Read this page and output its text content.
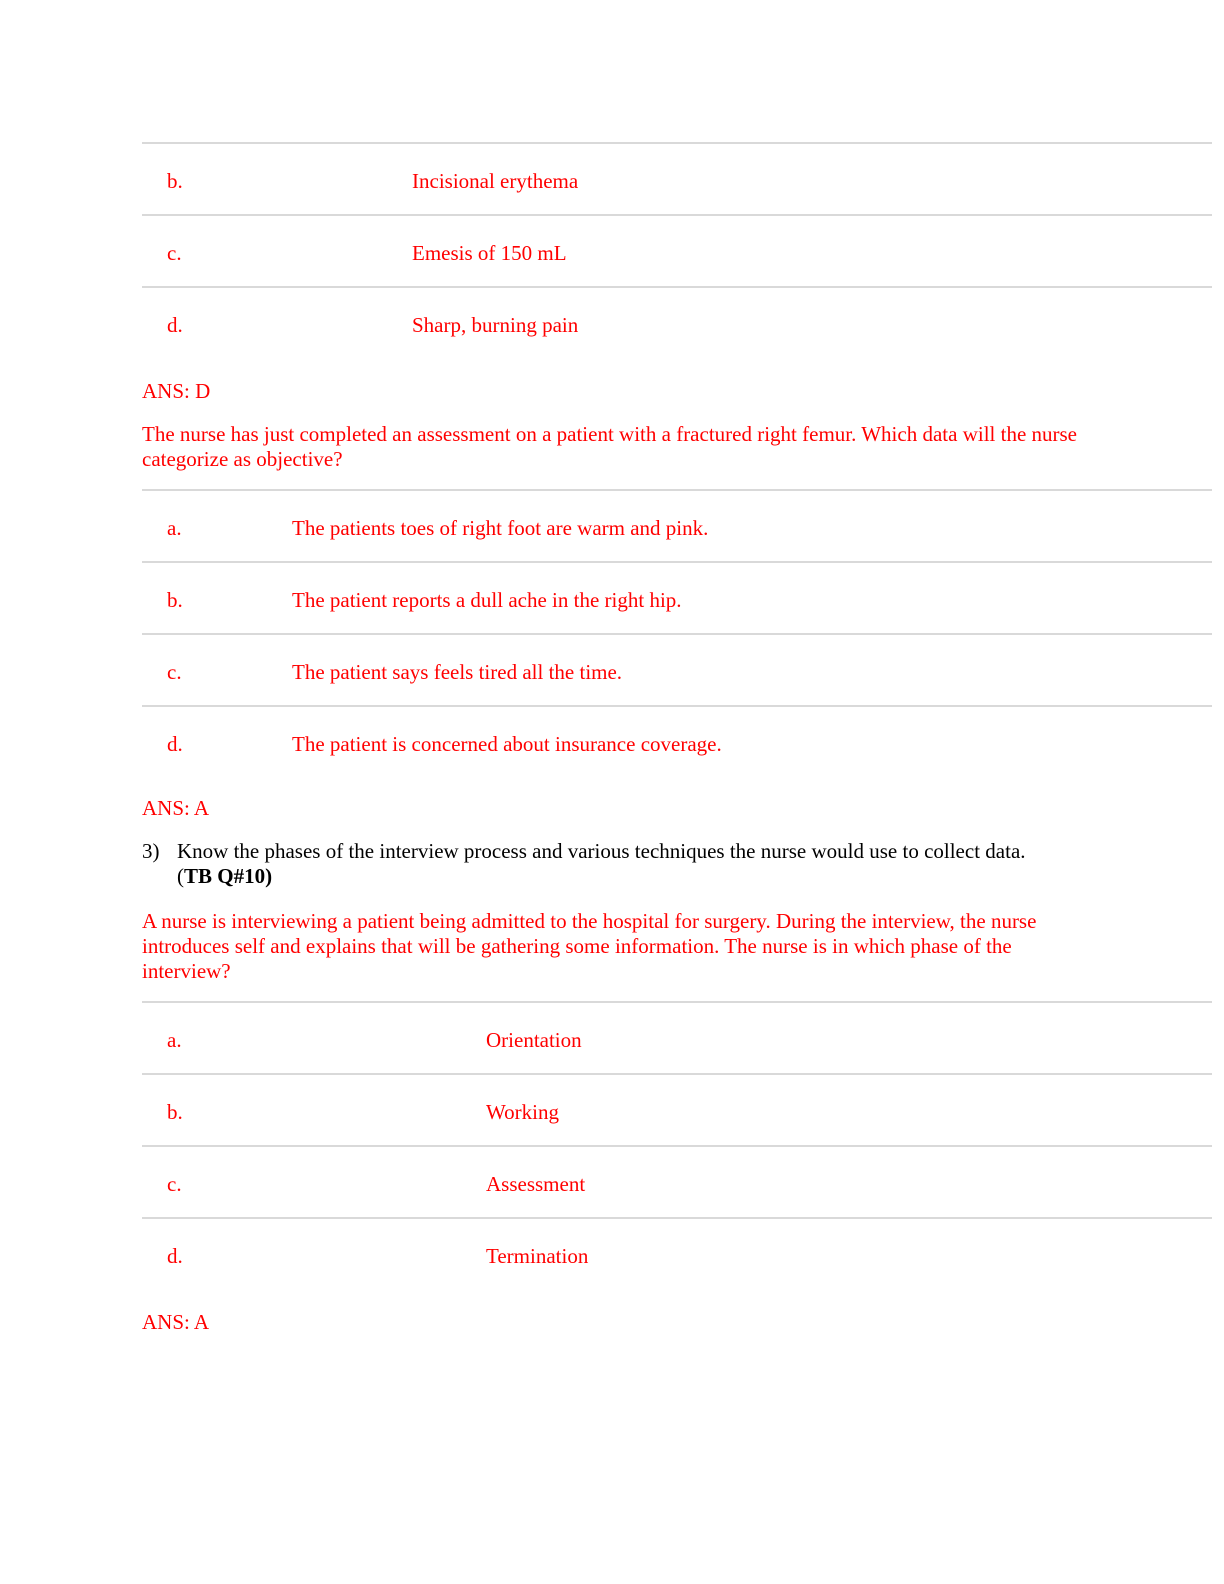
b.	Incisional erythema
c.	Emesis of 150 mL
d.	Sharp, burning pain

ANS: D

The nurse has just completed an assessment on a patient with a fractured right femur. Which data will the nurse categorize as objective?

a.	The patients toes of right foot are warm and pink.
b.	The patient reports a dull ache in the right hip.
c.	The patient says feels tired all the time.
d.	The patient is concerned about insurance coverage.

ANS: A

3) Know the phases of the interview process and various techniques the nurse would use to collect data.
(TB Q#10)

A nurse is interviewing a patient being admitted to the hospital for surgery. During the interview, the nurse introduces self and explains that will be gathering some information. The nurse is in which phase of the interview?

a.	Orientation
b.	Working
c.	Assessment
d.	Termination

ANS: A
